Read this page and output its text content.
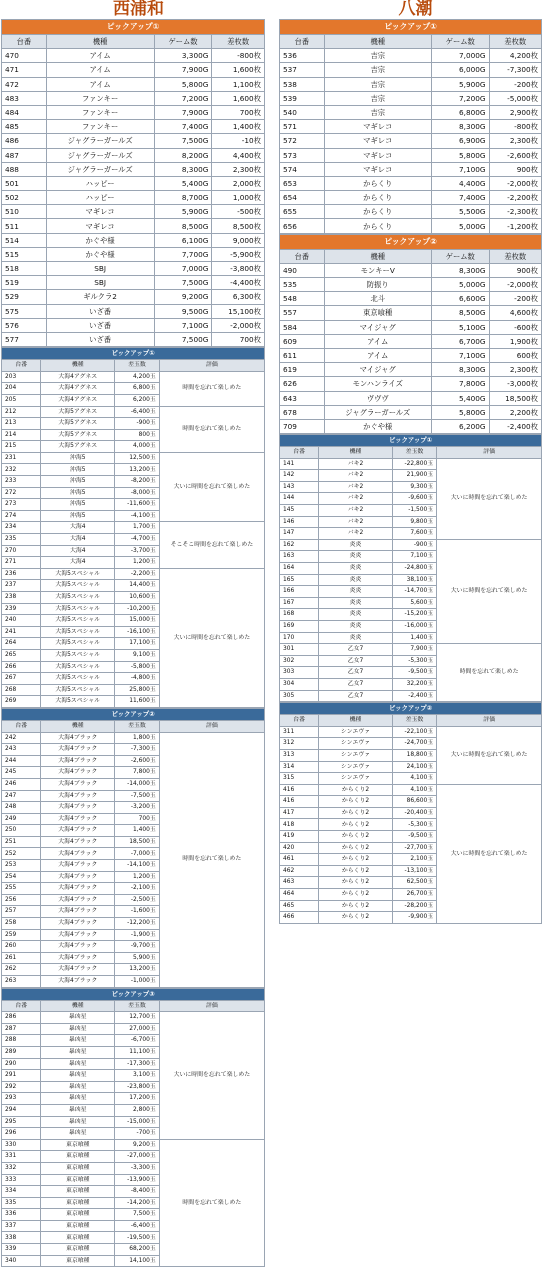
西浦和
ピックアップ①			
台番	機種	ゲーム数	差枚数
470	アイム	3,300G	-800枚
471	アイム	7,900G	1,600枚
472	アイム	5,800G	1,100枚
483	ファンキー	7,200G	1,600枚
484	ファンキー	7,900G	700枚
485	ファンキー	7,400G	1,400枚
486	ジャグラーガールズ	7,500G	-10枚
487	ジャグラーガールズ	8,200G	4,400枚
488	ジャグラーガールズ	8,300G	2,300枚
501	ハッピー	5,400G	2,000枚
502	ハッピー	8,700G	1,000枚
510	マギレコ	5,900G	-500枚
511	マギレコ	8,500G	8,500枚
514	かぐや様	6,100G	9,000枚
515	かぐや様	7,700G	-5,900枚
518	SBJ	7,000G	-3,800枚
519	SBJ	7,500G	-4,400枚
529	ギルクラ2	9,200G	6,300枚
575	いざ番	9,500G	15,100枚
576	いざ番	7,100G	-2,000枚
577	いざ番	7,500G	700枚
ピックアップ①			
台番	機種	差玉数	評価
203	大海4アグネス	4,200玉	時間を忘れて楽しめた
204	大海4アグネス	6,800玉	
205	大海4アグネス	6,200玉	
212	大海5アグネス	-6,400玉	時間を忘れて楽しめた
213	大海5アグネス	-900玉	
214	大海5アグネス	800玉	
215	大海5アグネス	4,000玉	
231	沖海5	12,500玉	大いに時間を忘れて楽しめた
232	沖海5	13,200玉	
233	沖海5	-8,200玉	
272	沖海5	-8,000玉	
273	沖海5	-11,600玉	
274	沖海5	-4,100玉	
234	大海4	1,700玉	そこそこ時間を忘れて楽しめた
235	大海4	-4,700玉	
270	大海4	-3,700玉	
271	大海4	1,200玉	
236	大海5スペシャル	-2,200玉	大いに時間を忘れて楽しめた
237	大海5スペシャル	14,400玉	
238	大海5スペシャル	10,600玉	
239	大海5スペシャル	-10,200玉	
240	大海5スペシャル	15,000玉	
241	大海5スペシャル	-16,100玉	
264	大海5スペシャル	17,100玉	
265	大海5スペシャル	9,100玉	
266	大海5スペシャル	-5,800玉	
267	大海5スペシャル	-4,800玉	
268	大海5スペシャル	25,800玉	
269	大海5スペシャル	11,600玉	
ピックアップ②			
台番	機種	差玉数	評価
242	大海4ブラック	1,800玉	時間を忘れて楽しめた
243	大海4ブラック	-7,300玉	
244	大海4ブラック	-2,600玉	
245	大海4ブラック	7,800玉	
246	大海4ブラック	-14,000玉	
247	大海4ブラック	-7,500玉	
248	大海4ブラック	-3,200玉	
249	大海4ブラック	700玉	
250	大海4ブラック	1,400玉	
251	大海4ブラック	18,500玉	
252	大海4ブラック	-7,000玉	
253	大海4ブラック	-14,100玉	
254	大海4ブラック	1,200玉	
255	大海4ブラック	-2,100玉	
256	大海4ブラック	-2,500玉	
257	大海4ブラック	-1,600玉	
258	大海4ブラック	-12,200玉	
259	大海4ブラック	-1,900玉	
260	大海4ブラック	-9,700玉	
261	大海4ブラック	5,900玉	
262	大海4ブラック	13,200玉	
263	大海4ブラック	-1,000玉	
ピックアップ③			
台番	機種	差玉数	評価
286	暴凶星	12,700玉	大いに時間を忘れて楽しめた
287	暴凶星	27,000玉	
288	暴凶星	-6,700玉	
289	暴凶星	11,100玉	
290	暴凶星	-17,300玉	
291	暴凶星	3,100玉	
292	暴凶星	-23,800玉	
293	暴凶星	17,200玉	
294	暴凶星	2,800玉	
295	暴凶星	-15,000玉	
296	暴凶星	-700玉	
330	東京喰種	9,200玉	時間を忘れて楽しめた
331	東京喰種	-27,000玉	
332	東京喰種	-3,300玉	
333	東京喰種	-13,900玉	
334	東京喰種	-8,400玉	
335	東京喰種	-14,200玉	
336	東京喰種	7,500玉	
337	東京喰種	-6,400玉	
338	東京喰種	-19,500玉	
339	東京喰種	68,200玉	
340	東京喰種	14,100玉	
八潮
ピックアップ①			
台番	機種	ゲーム数	差枚数
536	吉宗	7,000G	4,200枚
537	吉宗	6,000G	-7,300枚
538	吉宗	5,900G	-200枚
539	吉宗	7,200G	-5,000枚
540	吉宗	6,800G	2,900枚
571	マギレコ	8,300G	-800枚
572	マギレコ	6,900G	2,300枚
573	マギレコ	5,800G	-2,600枚
574	マギレコ	7,100G	900枚
653	からくり	4,400G	-2,000枚
654	からくり	7,400G	-2,200枚
655	からくり	5,500G	-2,300枚
656	からくり	5,000G	-1,200枚
ピックアップ②			
台番	機種	ゲーム数	差枚数
490	モンキーV	8,300G	900枚
535	防振り	5,000G	-2,000枚
548	北斗	6,600G	-200枚
557	東京喰種	8,500G	4,600枚
584	マイジャグ	5,100G	-600枚
609	アイム	6,700G	1,900枚
611	アイム	7,100G	600枚
619	マイジャグ	8,300G	2,300枚
626	モンハンライズ	7,800G	-3,000枚
643	ヴヴヴ	5,400G	18,500枚
678	ジャグラーガールズ	5,800G	2,200枚
709	かぐや様	6,200G	-2,400枚
ピックアップ①			
台番	機種	差玉数	評価
141	バキ2	-22,800玉	大いに時間を忘れて楽しめた
142	バキ2	21,900玉	
143	バキ2	9,300玉	
144	バキ2	-9,600玉	
145	バキ2	-1,500玉	
146	バキ2	9,800玉	
147	バキ2	7,600玉	
162	炎炎	-900玉	大いに時間を忘れて楽しめた
163	炎炎	7,100玉	
164	炎炎	-24,800玉	
165	炎炎	38,100玉	
166	炎炎	-14,700玉	
167	炎炎	5,600玉	
168	炎炎	-15,200玉	
169	炎炎	-16,000玉	
170	炎炎	1,400玉	
301	乙女7	7,900玉	時間を忘れて楽しめた
302	乙女7	-5,300玉	
303	乙女7	-9,500玉	
304	乙女7	32,200玉	
305	乙女7	-2,400玉	
ピックアップ②			
台番	機種	差玉数	評価
311	シンエヴァ	-22,100玉	大いに時間を忘れて楽しめた
312	シンエヴァ	-24,700玉	
313	シンエヴァ	18,800玉	
314	シンエヴァ	24,100玉	
315	シンエヴァ	4,100玉	
416	からくり2	4,100玉	大いに時間を忘れて楽しめた
416	からくり2	86,600玉	
417	からくり2	-20,400玉	
418	からくり2	-5,300玉	
419	からくり2	-9,500玉	
420	からくり2	-27,700玉	
461	からくり2	2,100玉	
462	からくり2	-13,100玉	
463	からくり2	62,500玉	
464	からくり2	26,700玉	
465	からくり2	-28,200玉	
466	からくり2	-9,900玉	
